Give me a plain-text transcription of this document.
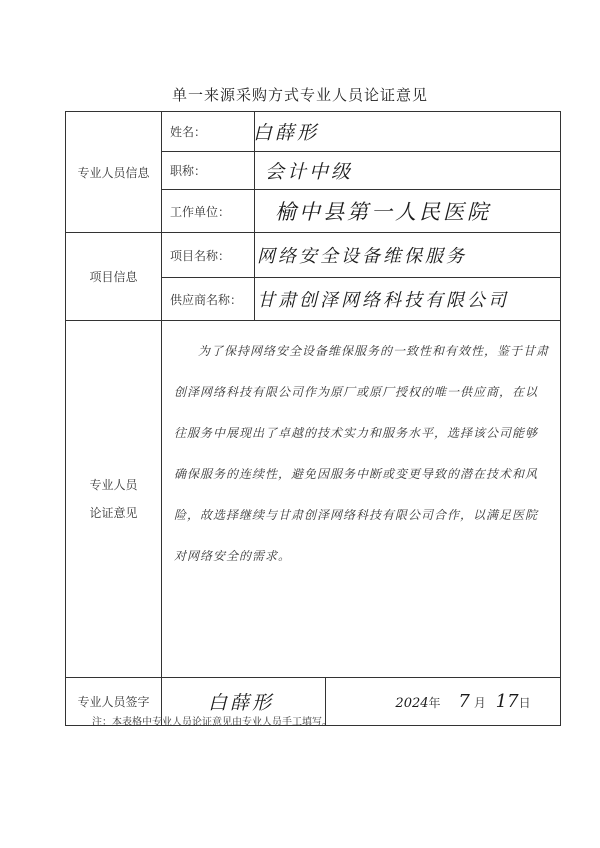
单一来源采购方式专业人员论证意见
专业人员信息	姓名：	白薛形	
	职称：	会计中级	
	工作单位：	榆中县第一人民医院	
项目信息	项目名称：	网络安全设备维保服务	
	供应商名称：	甘肃创泽网络科技有限公司	
专业人员论证意见	为了保持网络安全设备维保服务的一致性和有效性，鉴于甘肃创泽网络科技有限公司作为原厂或原厂授权的唯一供应商，在以往服务中展现出了卓越的技术实力和服务水平，选择该公司能够确保服务的连续性，避免因服务中断或变更导致的潜在技术和风险，故选择继续与甘肃创泽网络科技有限公司合作，以满足医院对网络安全的需求。		
专业人员签字	白薛形		2024年 7 月 17日
注：本表格中专业人员论证意见由专业人员手工填写。
